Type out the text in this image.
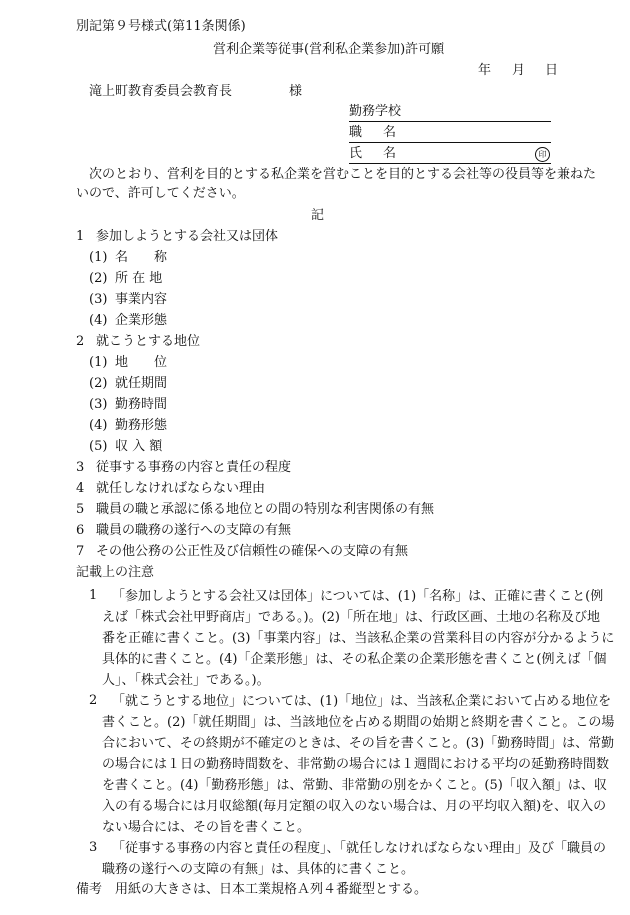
別記第９号様式(第11条関係)
営利企業等従事(営利私企業参加)許可願
年 月 日
滝上町教育委員会教育長	様
勤務学校
職 名
氏 名	印
次のとおり、営利を目的とする私企業を営むことを目的とする会社等の役員等を兼ねた
いので、許可してください。
記
1 参加しようとする会社又は団体
(1) 名　　称
(2) 所 在 地
(3) 事業内容
(4) 企業形態
2 就こうとする地位
(1) 地　　位
(2) 就任期間
(3) 勤務時間
(4) 勤務形態
(5) 収 入 額
3 従事する事務の内容と責任の程度
4 就任しなければならない理由
5 職員の職と承認に係る地位との間の特別な利害関係の有無
6 職員の職務の遂行への支障の有無
7 その他公務の公正性及び信頼性の確保への支障の有無
記載上の注意
1 「参加しようとする会社又は団体」については、(1)「名称」は、正確に書くこと(例
えば「株式会社甲野商店」である。)。(2)「所在地」は、行政区画、土地の名称及び地
番を正確に書くこと。(3)「事業内容」は、当該私企業の営業科目の内容が分かるように
具体的に書くこと。(4)「企業形態」は、その私企業の企業形態を書くこと(例えば「個
人」、「株式会社」である。)。
2 「就こうとする地位」については、(1)「地位」は、当該私企業において占める地位を
書くこと。(2)「就任期間」は、当該地位を占める期間の始期と終期を書くこと。この場
合において、その終期が不確定のときは、その旨を書くこと。(3)「勤務時間」は、常勤
の場合には１日の勤務時間数を、非常勤の場合には１週間における平均の延勤務時間数
を書くこと。(4)「勤務形態」は、常勤、非常勤の別をかくこと。(5)「収入額」は、収
入の有る場合には月収総額(毎月定額の収入のない場合は、月の平均収入額)を、収入の
ない場合には、その旨を書くこと。
3 「従事する事務の内容と責任の程度」、「就任しなければならない理由」及び「職員の
職務の遂行への支障の有無」は、具体的に書くこと。
備考　用紙の大きさは、日本工業規格Ａ列４番縦型とする。
